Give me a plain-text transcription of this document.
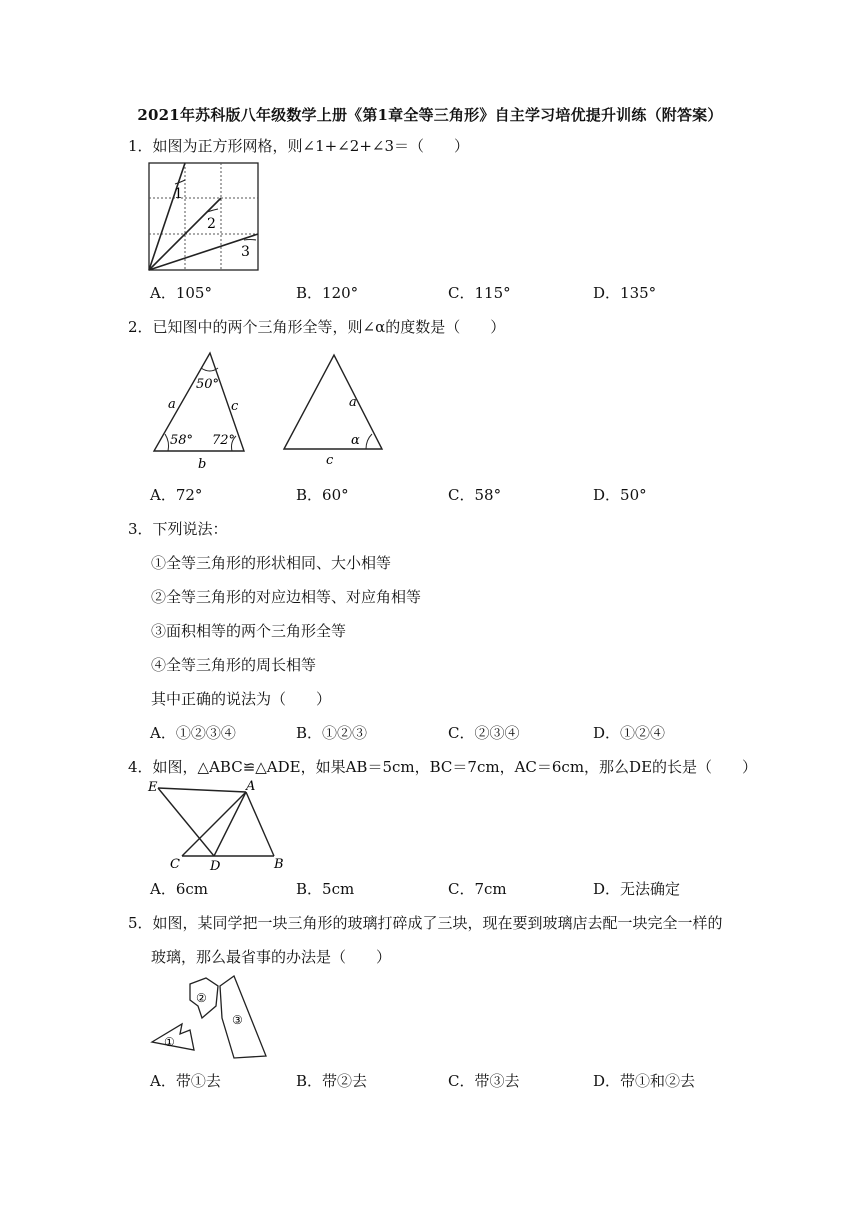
2021年苏科版八年级数学上册《第1章全等三角形》自主学习培优提升训练（附答案）
1．如图为正方形网格，则∠1+∠2+∠3＝（　　）
1
2
3
A．105°	B．120°	C．115°	D．135°
2．已知图中的两个三角形全等，则∠α的度数是（　　）
50°
a	c
58° 72°
b
a
α
c
A．72°	B．60°	C．58°	D．50°
3．下列说法：
①全等三角形的形状相同、大小相等
②全等三角形的对应边相等、对应角相等
③面积相等的两个三角形全等
④全等三角形的周长相等
其中正确的说法为（　　）
A．①②③④	B．①②③	C．②③④	D．①②④
4．如图，△ABC≌△ADE，如果AB＝5cm，BC＝7cm，AC＝6cm，那么DE的长是（　　）
E	A
C D	B
A．6cm	B．5cm	C．7cm	D．无法确定
5．如图，某同学把一块三角形的玻璃打碎成了三块，现在要到玻璃店去配一块完全一样的
玻璃，那么最省事的办法是（　　）
②
③
①
A．带①去	B．带②去	C．带③去	D．带①和②去
